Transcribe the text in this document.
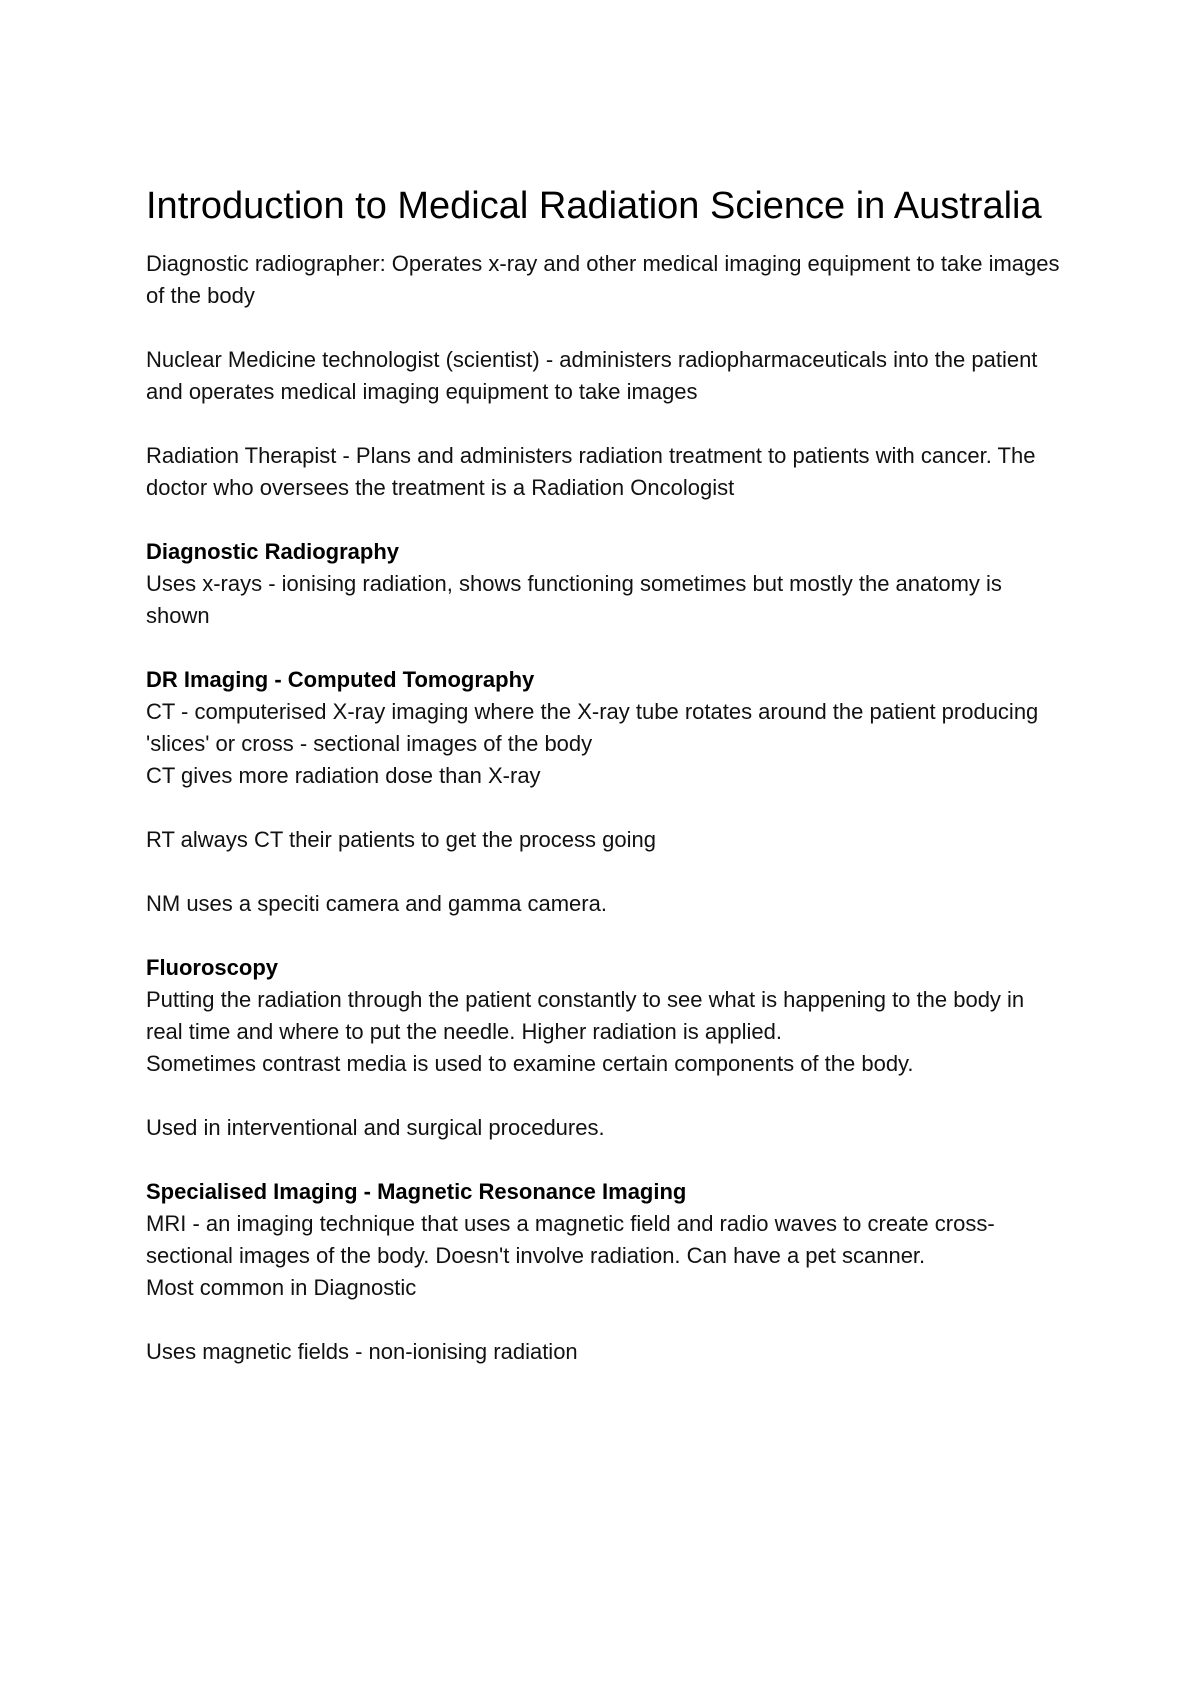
Introduction to Medical Radiation Science in Australia

Diagnostic radiographer: Operates x-ray and other medical imaging equipment to take images of the body

Nuclear Medicine technologist (scientist) - administers radiopharmaceuticals into the patient and operates medical imaging equipment to take images

Radiation Therapist - Plans and administers radiation treatment to patients with cancer. The doctor who oversees the treatment is a Radiation Oncologist

Diagnostic Radiography

Uses x-rays - ionising radiation, shows functioning sometimes but mostly the anatomy is shown

DR Imaging - Computed Tomography

CT - computerised X-ray imaging where the X-ray tube rotates around the patient producing 'slices' or cross - sectional images of the body

CT gives more radiation dose than X-ray

RT always CT their patients to get the process going

NM uses a speciti camera and gamma camera.

Fluoroscopy

Putting the radiation through the patient constantly to see what is happening to the body in real time and where to put the needle. Higher radiation is applied.

Sometimes contrast media is used to examine certain components of the body.

Used in interventional and surgical procedures.

Specialised Imaging - Magnetic Resonance Imaging

MRI - an imaging technique that uses a magnetic field and radio waves to create cross-sectional images of the body. Doesn't involve radiation. Can have a pet scanner.

Most common in Diagnostic

Uses magnetic fields - non-ionising radiation
